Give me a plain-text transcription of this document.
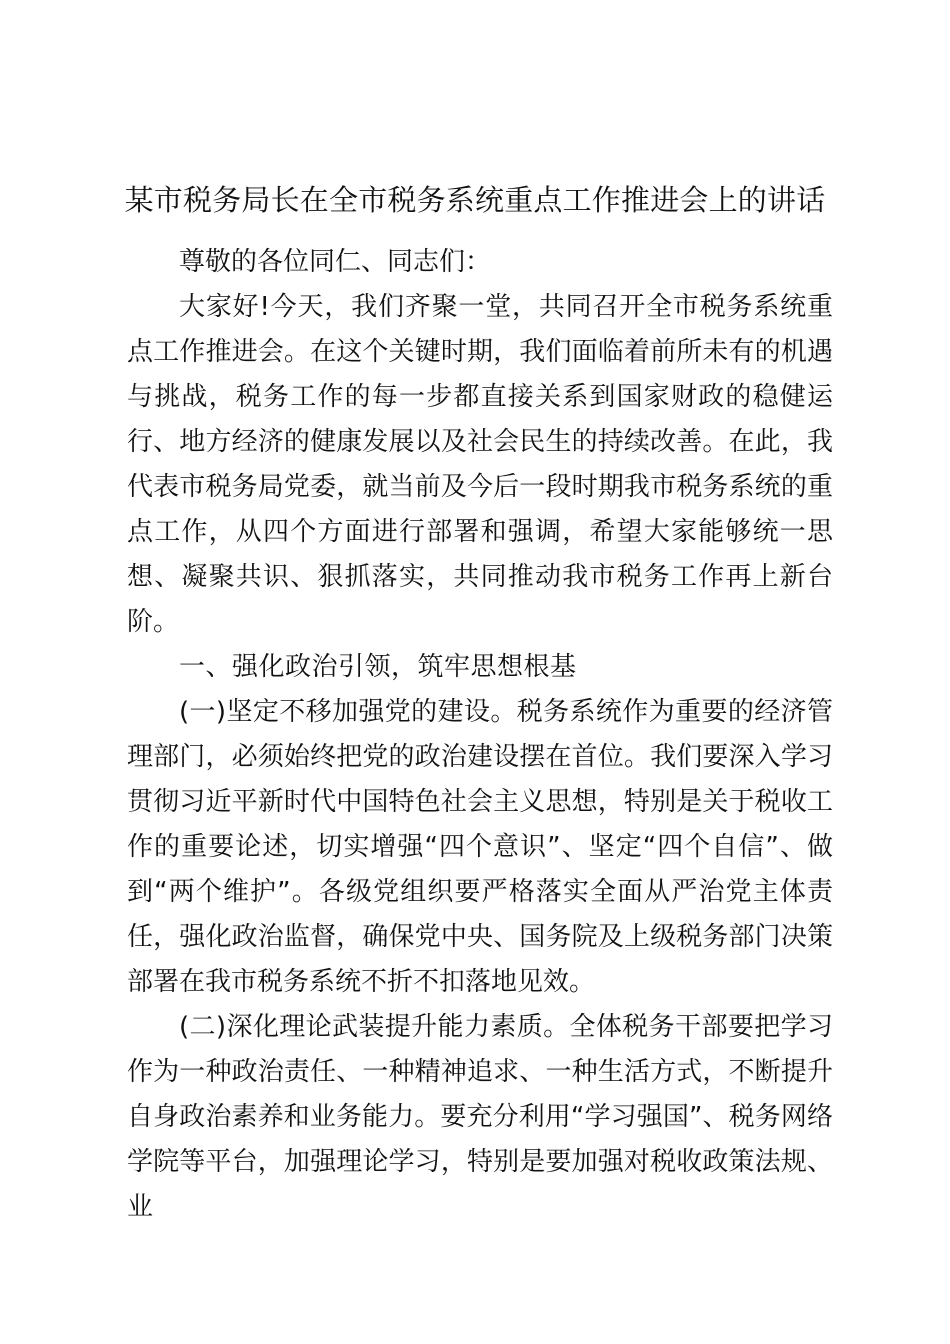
某市税务局长在全市税务系统重点工作推进会上的讲话

尊敬的各位同仁、同志们：

大家好!今天，我们齐聚一堂，共同召开全市税务系统重点工作推进会。在这个关键时期，我们面临着前所未有的机遇与挑战，税务工作的每一步都直接关系到国家财政的稳健运行、地方经济的健康发展以及社会民生的持续改善。在此，我代表市税务局党委，就当前及今后一段时期我市税务系统的重点工作，从四个方面进行部署和强调，希望大家能够统一思想、凝聚共识、狠抓落实，共同推动我市税务工作再上新台阶。

一、强化政治引领，筑牢思想根基

(一)坚定不移加强党的建设。税务系统作为重要的经济管理部门，必须始终把党的政治建设摆在首位。我们要深入学习贯彻习近平新时代中国特色社会主义思想，特别是关于税收工作的重要论述，切实增强“四个意识”、坚定“四个自信”、做到“两个维护”。各级党组织要严格落实全面从严治党主体责任，强化政治监督，确保党中央、国务院及上级税务部门决策部署在我市税务系统不折不扣落地见效。

(二)深化理论武装提升能力素质。全体税务干部要把学习作为一种政治责任、一种精神追求、一种生活方式，不断提升自身政治素养和业务能力。要充分利用“学习强国”、税务网络学院等平台，加强理论学习，特别是要加强对税收政策法规、业
